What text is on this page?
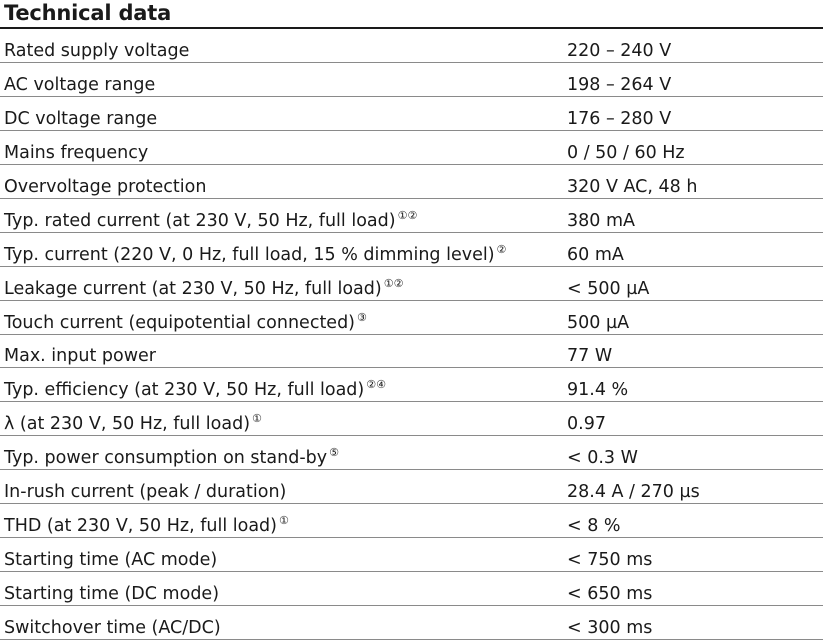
Technical data
Rated supply voltage	220 – 240 V
AC voltage range	198 – 264 V
DC voltage range	176 – 280 V
Mains frequency	0 / 50 / 60 Hz
Overvoltage protection	320 V AC, 48 h
Typ. rated current (at 230 V, 50 Hz, full load) ①②	380 mA
Typ. current (220 V, 0 Hz, full load, 15 % dimming level) ②	60 mA
Leakage current (at 230 V, 50 Hz, full load) ①②	< 500 µA
Touch current (equipotential connected) ③	500 µA
Max. input power	77 W
Typ. efficiency (at 230 V, 50 Hz, full load) ②④	91.4 %
λ (at 230 V, 50 Hz, full load) ①	0.97
Typ. power consumption on stand-by ⑤	< 0.3 W
In-rush current (peak / duration)	28.4 A / 270 µs
THD (at 230 V, 50 Hz, full load) ①	< 8 %
Starting time (AC mode)	< 750 ms
Starting time (DC mode)	< 650 ms
Switchover time (AC/DC)	< 300 ms
